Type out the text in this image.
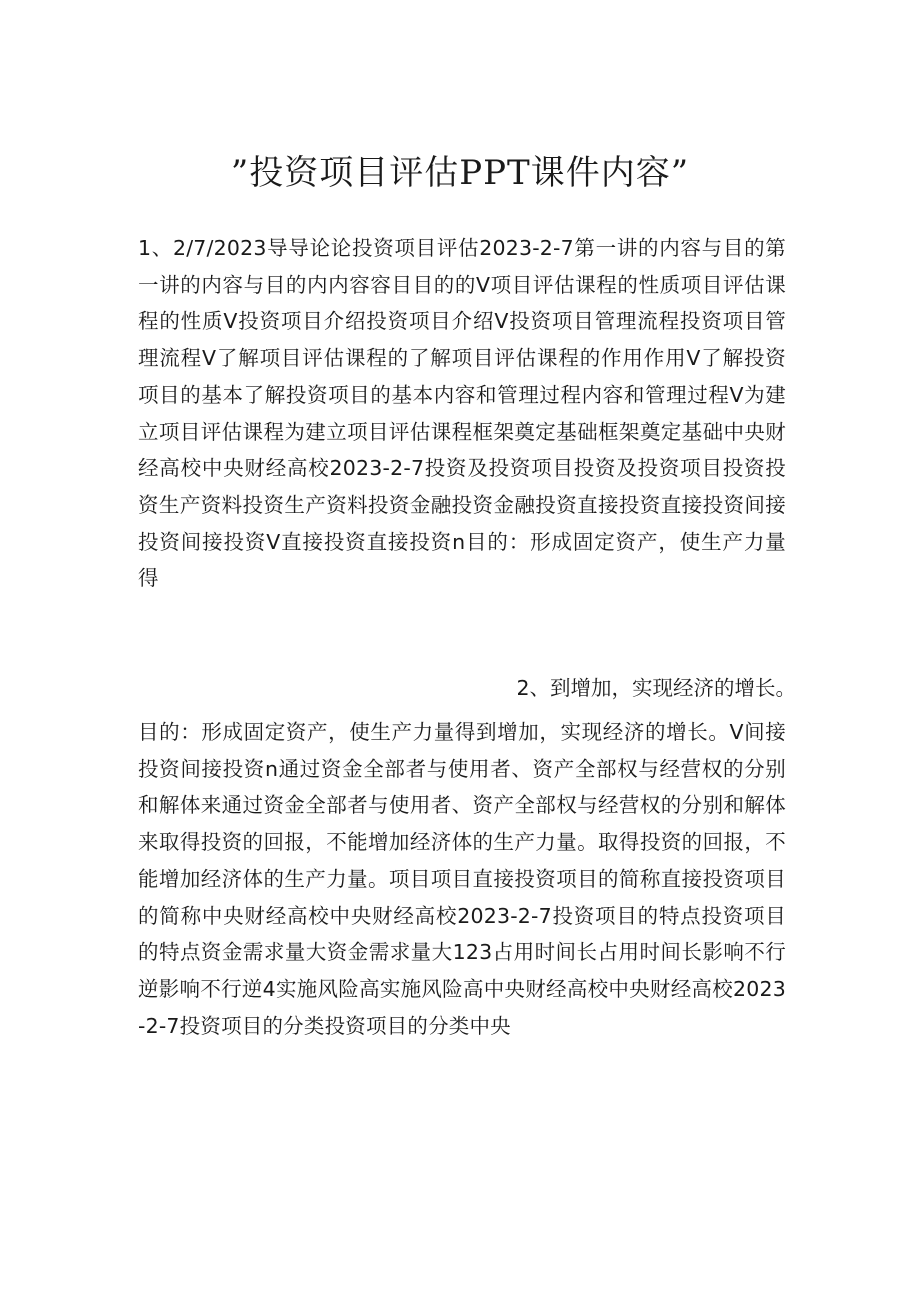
”投资项目评估PPT课件内容”

1、2/7/2023导导论论投资项目评估2023-2-7第一讲的内容与目的第一讲的内容与目的内内容容目目的的V项目评估课程的性质项目评估课程的性质V投资项目介绍投资项目介绍V投资项目管理流程投资项目管理流程V了解项目评估课程的了解项目评估课程的作用作用V了解投资项目的基本了解投资项目的基本内容和管理过程内容和管理过程V为建立项目评估课程为建立项目评估课程框架奠定基础框架奠定基础中央财经高校中央财经高校2023-2-7投资及投资项目投资及投资项目投资投资生产资料投资生产资料投资金融投资金融投资直接投资直接投资间接投资间接投资V直接投资直接投资n目的：形成固定资产，使生产力量得

2、到增加，实现经济的增长。

目的：形成固定资产，使生产力量得到增加，实现经济的增长。V间接投资间接投资n通过资金全部者与使用者、资产全部权与经营权的分别和解体来通过资金全部者与使用者、资产全部权与经营权的分别和解体来取得投资的回报，不能增加经济体的生产力量。取得投资的回报，不能增加经济体的生产力量。项目项目直接投资项目的简称直接投资项目的简称中央财经高校中央财经高校2023-2-7投资项目的特点投资项目的特点资金需求量大资金需求量大123占用时间长占用时间长影响不行逆影响不行逆4实施风险高实施风险高中央财经高校中央财经高校2023-2-7投资项目的分类投资项目的分类中央
